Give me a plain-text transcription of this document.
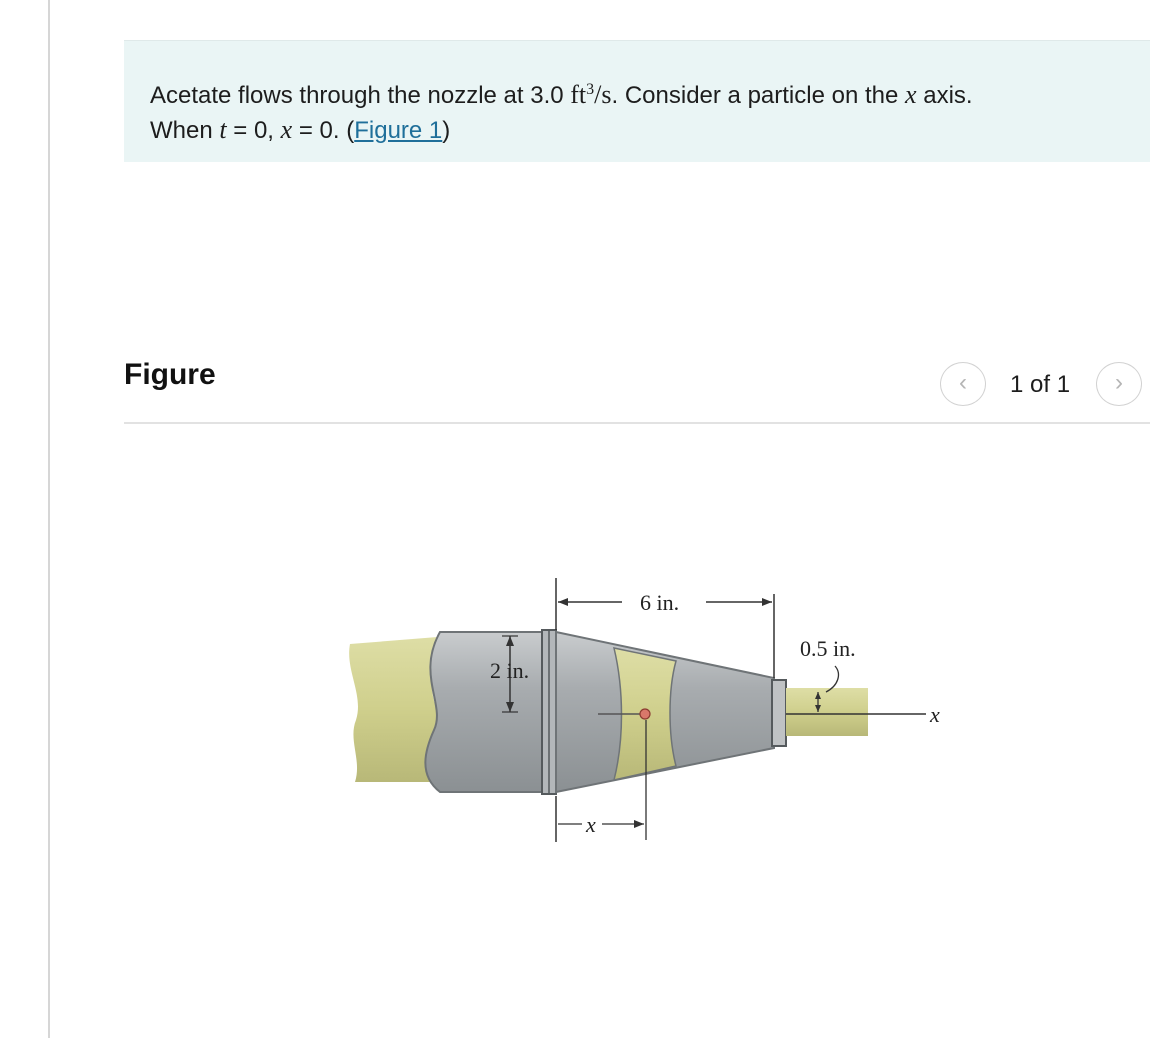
Acetate flows through the nozzle at 3.0 $ft^3/s$. Consider a particle on the x axis.
When t = 0, x = 0. (Figure 1)
Figure	‹	1 of 1	›
6 in.
2 in.
0.5 in.
x
x
